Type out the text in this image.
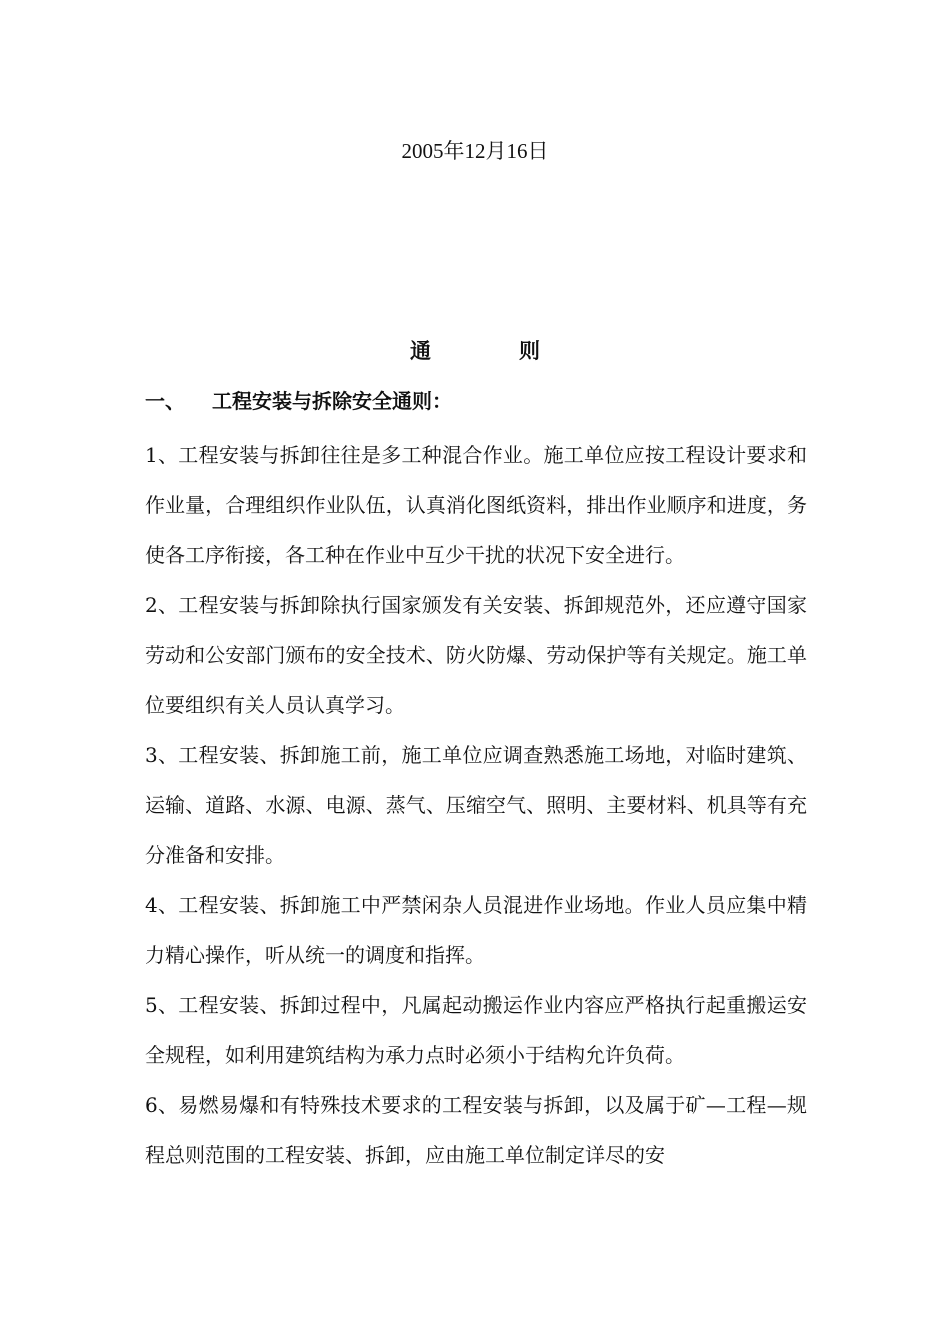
2005年12月16日
通	则
一、 工程安装与拆除安全通则：

1、工程安装与拆卸往往是多工种混合作业。施工单位应按工程设计要求和作业量，合理组织作业队伍，认真消化图纸资料，排出作业顺序和进度，务使各工序衔接，各工种在作业中互少干扰的状况下安全进行。

2、工程安装与拆卸除执行国家颁发有关安装、拆卸规范外，还应遵守国家劳动和公安部门颁布的安全技术、防火防爆、劳动保护等有关规定。施工单位要组织有关人员认真学习。

3、工程安装、拆卸施工前，施工单位应调查熟悉施工场地，对临时建筑、运输、道路、水源、电源、蒸气、压缩空气、照明、主要材料、机具等有充分准备和安排。

4、工程安装、拆卸施工中严禁闲杂人员混进作业场地。作业人员应集中精力精心操作，听从统一的调度和指挥。

5、工程安装、拆卸过程中，凡属起动搬运作业内容应严格执行起重搬运安全规程，如利用建筑结构为承力点时必须小于结构允许负荷。

6、易燃易爆和有特殊技术要求的工程安装与拆卸，以及属于矿—工程—规程总则范围的工程安装、拆卸，应由施工单位制定详尽的安
